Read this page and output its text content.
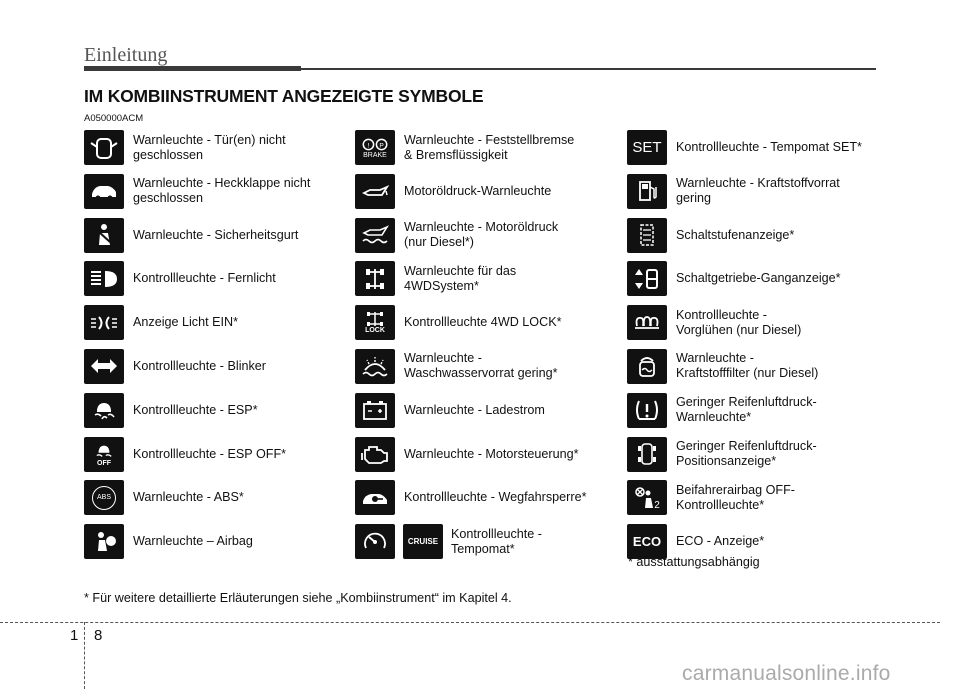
Einleitung
IM KOMBIINSTRUMENT ANGEZEIGTE SYMBOLE
A050000ACM
Warnleuchte - Tür(en) nicht
geschlossen
Warnleuchte - Heckklappe nicht
geschlossen
Warnleuchte - Sicherheitsgurt
Kontrollleuchte - Fernlicht
Anzeige Licht EIN*
Kontrollleuchte - Blinker
Kontrollleuchte - ESP*
OFF
Kontrollleuchte - ESP OFF*
ABS Warnleuchte - ABS*
Warnleuchte – Airbag
! P
BRAKE
Warnleuchte - Feststellbremse
& Bremsflüssigkeit
Motoröldruck-Warnleuchte
Warnleuchte - Motoröldruck
(nur Diesel*)
Warnleuchte für das
4WDSystem*
LOCK
Kontrollleuchte 4WD LOCK*
Warnleuchte -
Waschwasservorrat gering*
Warnleuchte - Ladestrom
Warnleuchte - Motorsteuerung*
Kontrollleuchte - Wegfahrsperre*
CRUISE
Kontrollleuchte -
Tempomat*
SET Kontrollleuchte - Tempomat SET*
Warnleuchte - Kraftstoffvorrat
gering
Schaltstufenanzeige*
Schaltgetriebe-Ganganzeige*
Kontrollleuchte -
Vorglühen (nur Diesel)
Warnleuchte -
Kraftstofffilter (nur Diesel)
Geringer Reifenluftdruck-
Warnleuchte*
Geringer Reifenluftdruck-
Positionsanzeige*
2
Beifahrerairbag OFF-
Kontrollleuchte*
ECO ECO - Anzeige*
* ausstattungsabhängig
* Für weitere detaillierte Erläuterungen siehe „Kombiinstrument“ im Kapitel 4.
1 8
carmanualsonline.info
